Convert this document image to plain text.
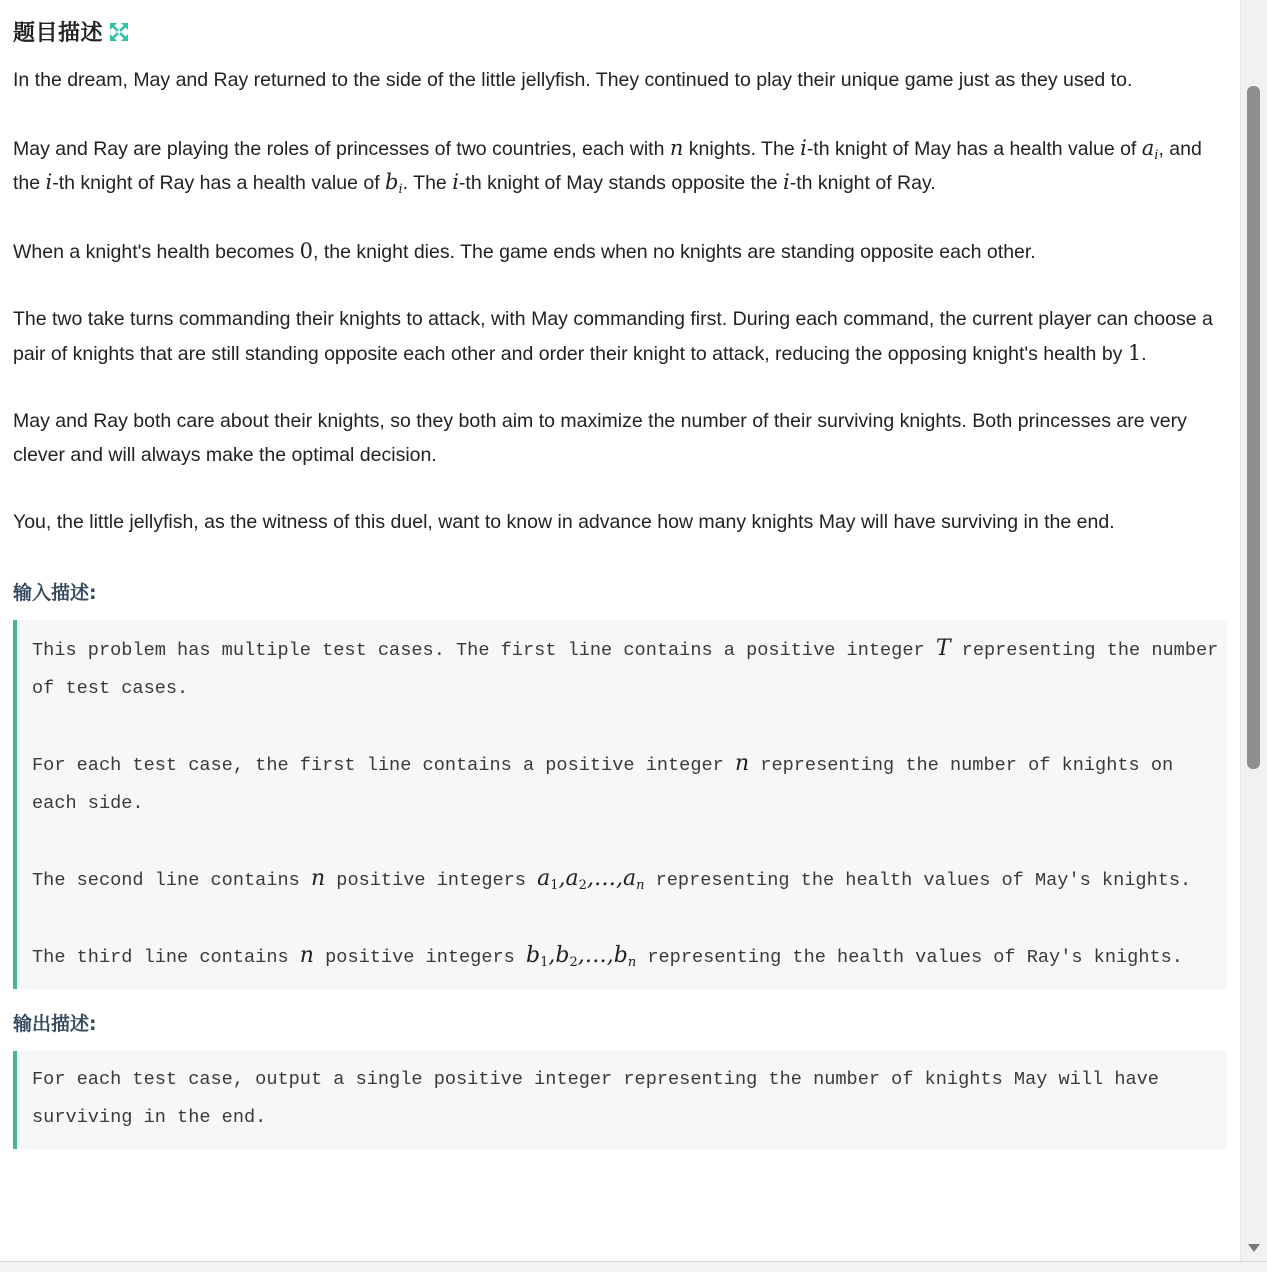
题目描述

In the dream, May and Ray returned to the side of the little jellyfish. They continued to play their unique game just as they used to.

May and Ray are playing the roles of princesses of two countries, each with n knights. The i-th knight of May has a health value of $a_i$, and the i-th knight of Ray has a health value of $b_i$. The i-th knight of May stands opposite the i-th knight of Ray.

When a knight's health becomes 0, the knight dies. The game ends when no knights are standing opposite each other.

The two take turns commanding their knights to attack, with May commanding first. During each command, the current player can choose a pair of knights that are still standing opposite each other and order their knight to attack, reducing the opposing knight's health by 1.

May and Ray both care about their knights, so they both aim to maximize the number of their surviving knights. Both princesses are very clever and will always make the optimal decision.

You, the little jellyfish, as the witness of this duel, want to know in advance how many knights May will have surviving in the end.

输入描述:

This problem has multiple test cases. The first line contains a positive integer T representing the number of test cases.

For each test case, the first line contains a positive integer n representing the number of knights on each side.

The second line contains n positive integers $a_1,a_2,\dots,a_n$ representing the health values of May's knights.

The third line contains n positive integers $b_1,b_2,\dots,b_n$ representing the health values of Ray's knights.

输出描述:

For each test case, output a single positive integer representing the number of knights May will have surviving in the end.
